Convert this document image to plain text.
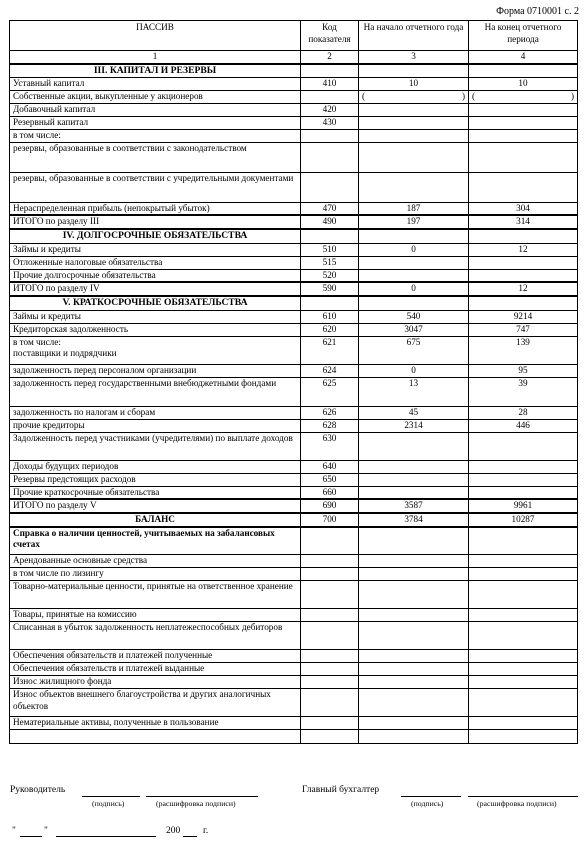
Форма 0710001 с. 2
ПАССИВ	Код показателя	На начало отчетного года	На конец отчетного периода
1	2	3	4
III. КАПИТАЛ И РЕЗЕРВЫ			
Уставный капитал	410	10	10
Собственные акции, выкупленные у акционеров		( )	( )

Добавочный капитал	420		
Резервный капитал	430		
в том числе:			
резервы, образованные в соответствии с законодательством			
резервы, образованные в соответствии с учредительными документами			
Нераспределенная прибыль (непокрытый убыток)	470	187	304
ИТОГО по разделу III	490	197	314
IV. ДОЛГОСРОЧНЫЕ ОБЯЗАТЕЛЬСТВА			
Займы и кредиты	510	0	12
Отложенные налоговые обязательства	515		
Прочие долгосрочные обязательства	520		
ИТОГО по разделу IV	590	0	12
V. КРАТКОСРОЧНЫЕ ОБЯЗАТЕЛЬСТВА			
Займы и кредиты	610	540	9214
Кредиторская задолженность	620	3047	747
в том числе:
поставщики и подрядчики	621	675	139
задолженность перед персоналом организации	624	0	95
задолженность перед государственными внебюджетными фондами	625	13	39
задолженность по налогам и сборам	626	45	28
прочие кредиторы	628	2314	446
Задолженность перед участниками (учредителями) по выплате доходов	630		
Доходы будущих периодов	640		
Резервы предстоящих расходов	650		
Прочие краткосрочные обязательства	660		
ИТОГО по разделу V	690	3587	9961
БАЛАНС	700	3784	10287
Справка о наличии ценностей, учитываемых на забалансовых счетах			
Арендованные основные средства			
в том числе по лизингу			
Товарно-материальные ценности, принятые на ответственное хранение			
Товары, принятые на комиссию			
Списанная в убыток задолженность неплатежеспособных дебиторов			
Обеспечения обязательств и платежей полученные			
Обеспечения обязательств и платежей выданные			
Износ жилищного фонда			
Износ объектов внешнего благоустройства и других аналогичных объектов			
Нематериальные активы, полученные в пользование			

Руководитель
(подпись)	(расшифровка подписи)
Главный бухгалтер
(подпись)	(расшифровка подписи)
"	"	200 г.
